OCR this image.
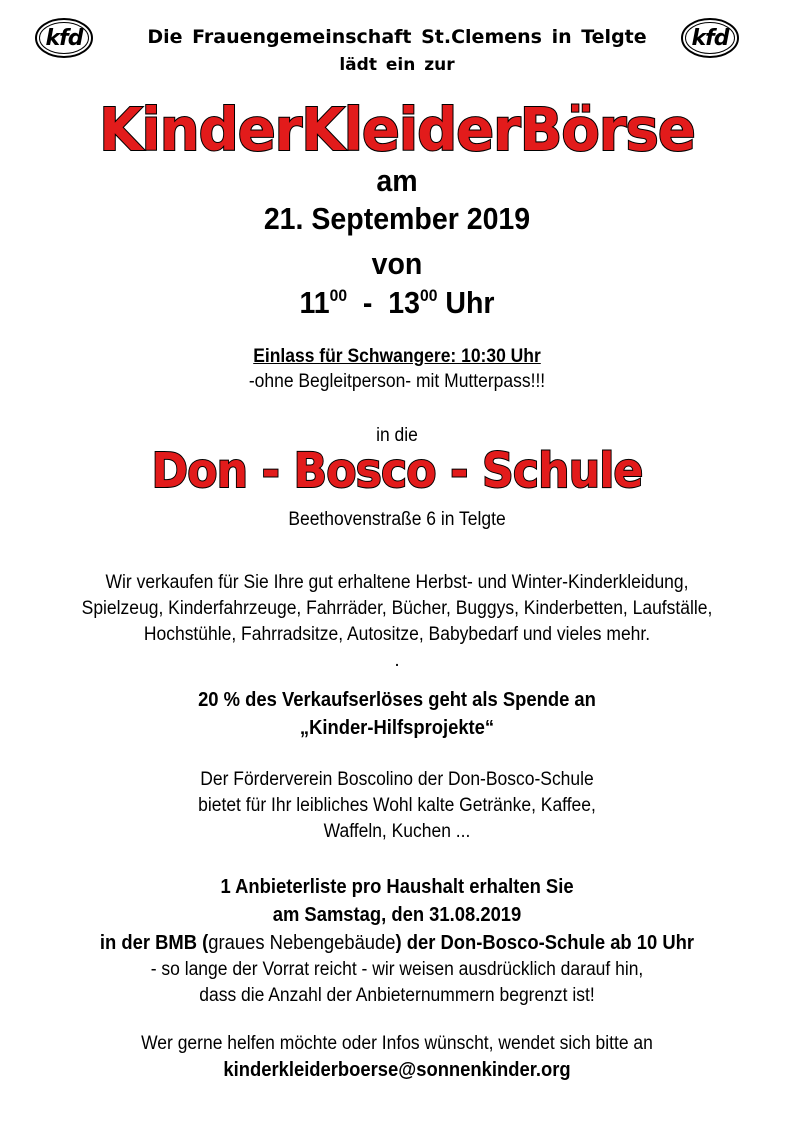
kfd	kfd
Die Frauengemeinschaft St.Clemens in Telgte
lädt ein zur
KinderKleiderBörse
am
21. September 2019
von
$11^{00} - 13^{00}$ Uhr
Einlass für Schwangere: 10:30 Uhr
-ohne Begleitperson- mit Mutterpass!!!
in die
Don - Bosco - Schule
Beethovenstraße 6 in Telgte
Wir verkaufen für Sie Ihre gut erhaltene Herbst- und Winter-Kinderkleidung,
Spielzeug, Kinderfahrzeuge, Fahrräder, Bücher, Buggys, Kinderbetten, Laufställe,
Hochstühle, Fahrradsitze, Autositze, Babybedarf und vieles mehr.
.
20 % des Verkaufserlöses geht als Spende an
„Kinder-Hilfsprojekte“
Der Förderverein Boscolino der Don-Bosco-Schule
bietet für Ihr leibliches Wohl kalte Getränke, Kaffee,
Waffeln, Kuchen ...
1 Anbieterliste pro Haushalt erhalten Sie
am Samstag, den 31.08.2019
in der BMB (graues Nebengebäude) der Don-Bosco-Schule ab 10 Uhr
- so lange der Vorrat reicht - wir weisen ausdrücklich darauf hin,
dass die Anzahl der Anbieternummern begrenzt ist!
Wer gerne helfen möchte oder Infos wünscht, wendet sich bitte an
kinderkleiderboerse@sonnenkinder.org
